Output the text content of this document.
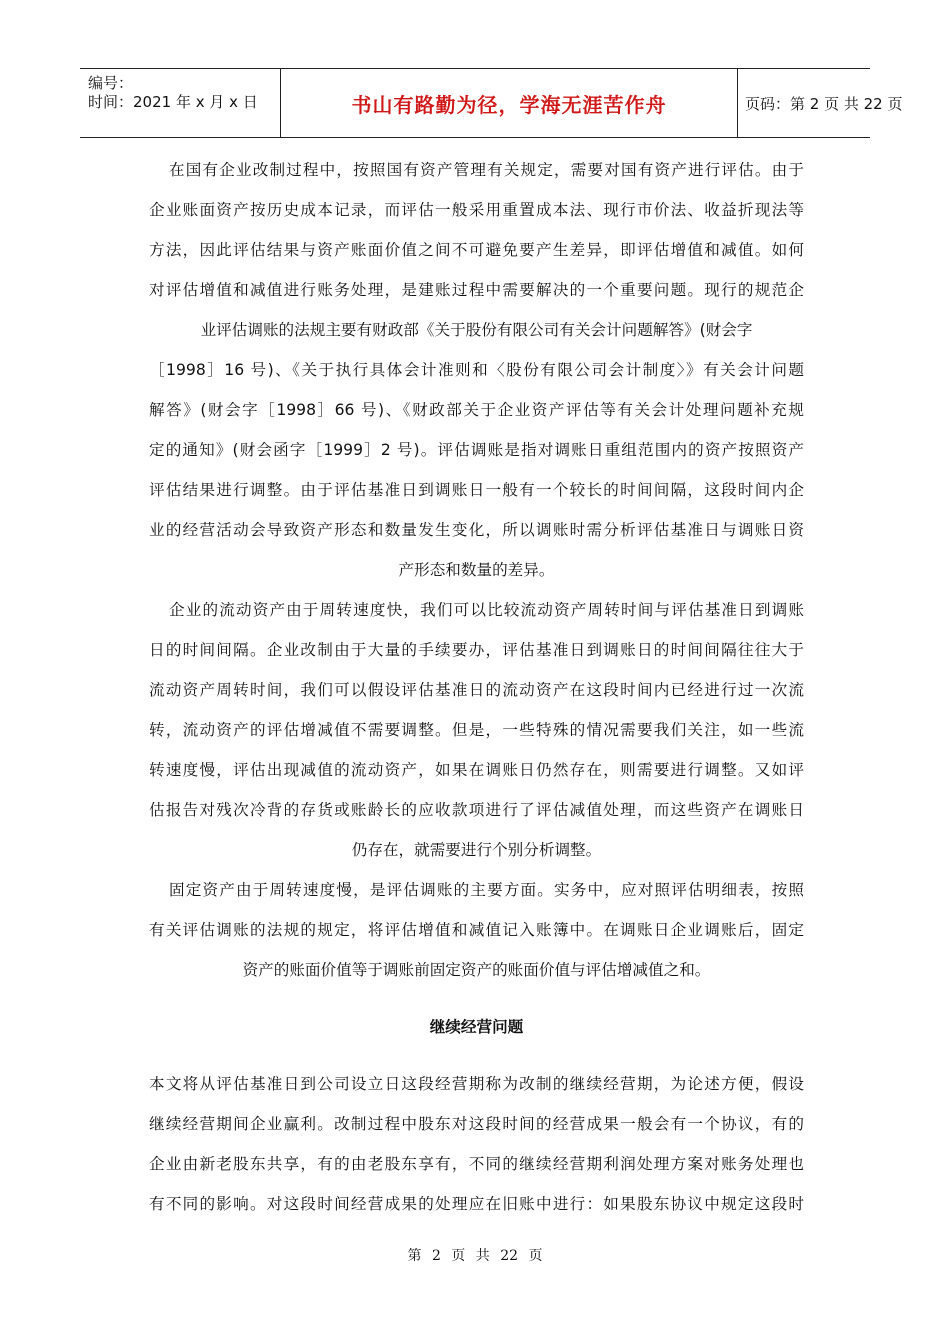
编号：
时间：2021 年 x 月 x 日	书山有路勤为径，学海无涯苦作舟	页码：第 2 页 共 22 页
在国有企业改制过程中，按照国有资产管理有关规定，需要对国有资产进行评估。由于
企业账面资产按历史成本记录，而评估一般采用重置成本法、现行市价法、收益折现法等
方法，因此评估结果与资产账面价值之间不可避免要产生差异，即评估增值和减值。如何
对评估增值和减值进行账务处理，是建账过程中需要解决的一个重要问题。现行的规范企
业评估调账的法规主要有财政部《关于股份有限公司有关会计问题解答》(财会字
［1998］16 号)、《关于执行具体会计准则和〈股份有限公司会计制度〉》有关会计问题
解答》(财会字［1998］66 号)、《财政部关于企业资产评估等有关会计处理问题补充规
定的通知》(财会函字［1999］2 号)。评估调账是指对调账日重组范围内的资产按照资产
评估结果进行调整。由于评估基准日到调账日一般有一个较长的时间间隔，这段时间内企
业的经营活动会导致资产形态和数量发生变化，所以调账时需分析评估基准日与调账日资
产形态和数量的差异。
企业的流动资产由于周转速度快，我们可以比较流动资产周转时间与评估基准日到调账
日的时间间隔。企业改制由于大量的手续要办，评估基准日到调账日的时间间隔往往大于
流动资产周转时间，我们可以假设评估基准日的流动资产在这段时间内已经进行过一次流
转，流动资产的评估增减值不需要调整。但是，一些特殊的情况需要我们关注，如一些流
转速度慢，评估出现减值的流动资产，如果在调账日仍然存在，则需要进行调整。又如评
估报告对残次冷背的存货或账龄长的应收款项进行了评估减值处理，而这些资产在调账日
仍存在，就需要进行个别分析调整。
固定资产由于周转速度慢，是评估调账的主要方面。实务中，应对照评估明细表，按照
有关评估调账的法规的规定，将评估增值和减值记入账簿中。在调账日企业调账后，固定
资产的账面价值等于调账前固定资产的账面价值与评估增减值之和。
继续经营问题
本文将从评估基准日到公司设立日这段经营期称为改制的继续经营期，为论述方便，假设
继续经营期间企业赢利。改制过程中股东对这段时间的经营成果一般会有一个协议，有的
企业由新老股东共享，有的由老股东享有，不同的继续经营期利润处理方案对账务处理也
有不同的影响。对这段时间经营成果的处理应在旧账中进行：如果股东协议中规定这段时
第 2 页 共 22 页
